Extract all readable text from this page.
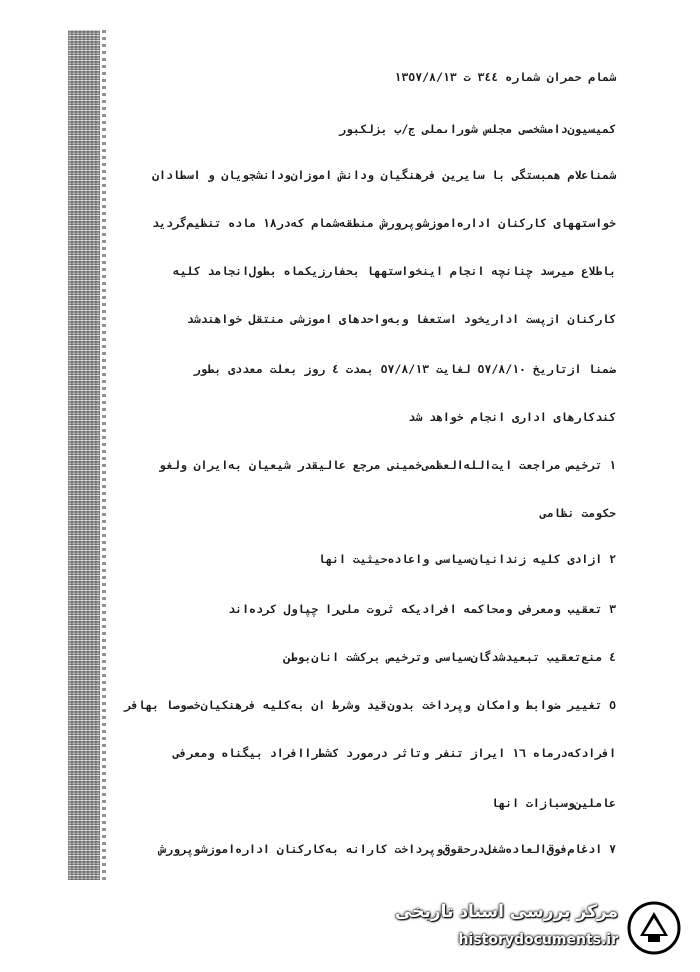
شمام حمران شماره ٣٤٤ ت ١٣٥٧/٨/١٣
كميسيون‌دامشخصى مجلس شوراىملى ج/ب بزلكبور
شمنا‌علام همبستگى با سايرين فرهنگيان ودانش اموزان‌ودانشجويان و اسطادان
خواستههای كاركنان اداره‌اموزشوپرورش منطقه‌شمام كه‌در١٨ ماده تنظيم‌گرديد
باطلاع ميرسد چنانچه انجام اينخواستهها بحفارزيكماه بطول‌انجامد كليه
كاركنان ازپست اداريخود استعفا وبه‌واحدهاى اموزشى منتقل خواهندشد
ضمنا ازتاريخ ٥٧/٨/١٠ لغايت ٥٧/٨/١٣ بمدت ٤ روز بعلت معددى بطور
كندكارهاى ادارى انجام خواهد شد
١ ترخيص مراجعت ايت‌الله‌العظمى‌خمينى مرجع عاليقدر شيعيان به‌ايران ولغو
حكومت نظامى
٢ ازادى كليه زندانيان‌سياسى واعاده‌حيثيت انها
٣ تعقيب ومعرفى ومحاكمه افراديكه ثروت ملى‌را چپاول كرده‌اند
٤ منع‌تعقيب تبعيدشدگان‌سياسى وترخيص بركشت انان‌بوطن
٥ تغيير ضوابط وامكان وپرداخت بدون‌قيد وشرط ان به‌كليه فرهنكيان‌خصوصا بهافر
افرادكه‌درماه ١٦ ايراز تنفر وتاثر درمورد كشط‌راافراد بيگناه ومعرفى
عاملين‌وسبازات انها
٧ ادغام‌فوق‌العاده‌شغل‌درحقوق‌وپرداخت كارانه به‌كاركنان اداره‌اموزشوپرورش
مرکز بررسی اسناد تاریخی
historydocuments.ir
